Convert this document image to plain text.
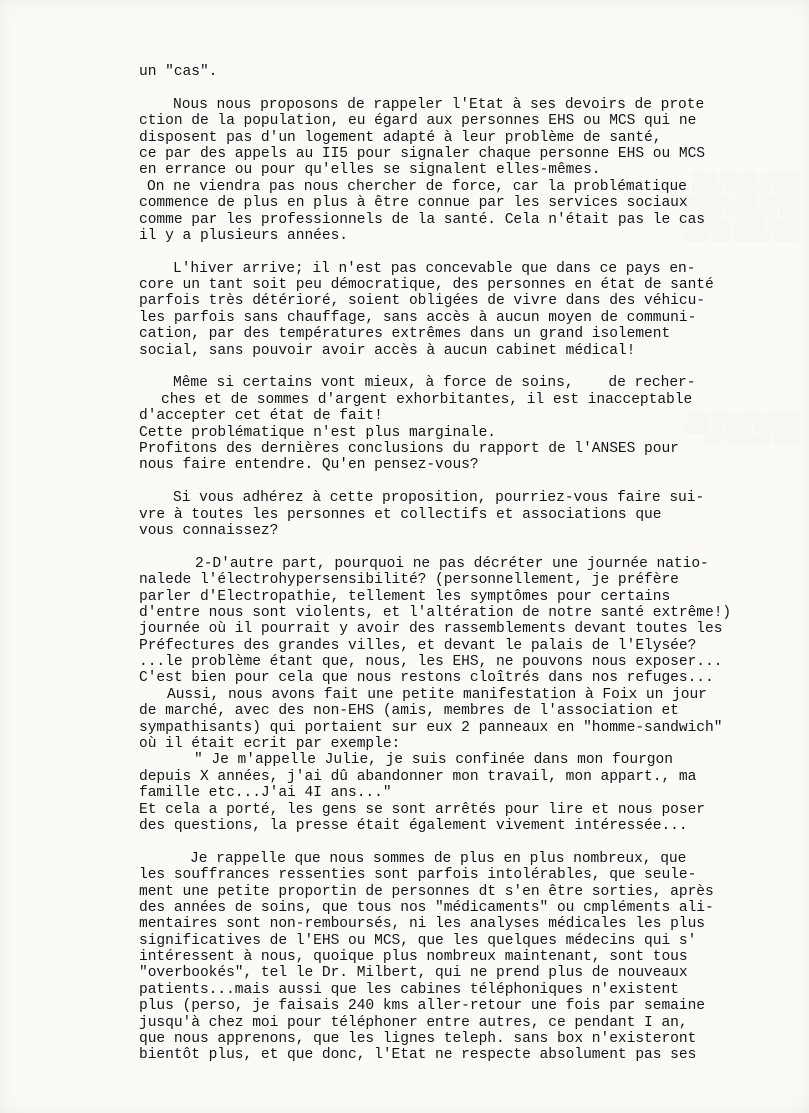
░░░░░░ ░░░░░░ ░░░░
░░░░ ░░░░░░░ ░░░░░ ░░░
░░░░░░ ░░░░ ░░░ ░░░░░░
░░░ ░░░░░░░░ ░░░░ ░░
░░░░░ ░░░░░ ░░░░░░░░
░░░░ ░░░░░░ ░░░ ░░░░

░░░░░ ░░░░░ ░░░ ░░░
░░░░░░░ ░░░░ ░░ ░░░░
░░░░ ░░░░░░░ ░░░
un "cas".
Nous nous proposons de rappeler l'Etat à ses devoirs de prote
ction de la population, eu égard aux personnes EHS ou MCS qui ne
disposent pas d'un logement adapté à leur problème de santé,
ce par des appels au II5 pour signaler chaque personne EHS ou MCS
en errance ou pour qu'elles se signalent elles-mêmes.
On ne viendra pas nous chercher de force, car la problématique
commence de plus en plus à être connue par les services sociaux
comme par les professionnels de la santé. Cela n'était pas le cas
il y a plusieurs années.
L'hiver arrive; il n'est pas concevable que dans ce pays en-
core un tant soit peu démocratique, des personnes en état de santé
parfois très détérioré, soient obligées de vivre dans des véhicu-
les parfois sans chauffage, sans accès à aucun moyen de communi-
cation, par des températures extrêmes dans un grand isolement
social, sans pouvoir avoir accès à aucun cabinet médical!
Même si certains vont mieux, à force de soins,    de recher-
ches et de sommes d'argent exhorbitantes, il est inacceptable
d'accepter cet état de fait!
Cette problématique n'est plus marginale.
Profitons des dernières conclusions du rapport de l'ANSES pour
nous faire entendre. Qu'en pensez-vous?
Si vous adhérez à cette proposition, pourriez-vous faire sui-
vre à toutes les personnes et collectifs et associations que
vous connaissez?
2-D'autre part, pourquoi ne pas décréter une journée natio-
nalede l'électrohypersensibilité? (personnellement, je préfère
parler d'Electropathie, tellement les symptômes pour certains
d'entre nous sont violents, et l'altération de notre santé extrême!)
journée où il pourrait y avoir des rassemblements devant toutes les
Préfectures des grandes villes, et devant le palais de l'Elysée?
...le problème étant que, nous, les EHS, ne pouvons nous exposer...
C'est bien pour cela que nous restons cloîtrés dans nos refuges...
Aussi, nous avons fait une petite manifestation à Foix un jour
de marché, avec des non-EHS (amis, membres de l'association et
sympathisants) qui portaient sur eux 2 panneaux en "homme-sandwich"
où il était ecrit par exemple:
" Je m'appelle Julie, je suis confinée dans mon fourgon
depuis X années, j'ai dû abandonner mon travail, mon appart., ma
famille etc...J'ai 4I ans..."
Et cela a porté, les gens se sont arrêtés pour lire et nous poser
des questions, la presse était également vivement intéressée...
Je rappelle que nous sommes de plus en plus nombreux, que
les souffrances ressenties sont parfois intolérables, que seule-
ment une petite proportin de personnes dt s'en être sorties, après
des années de soins, que tous nos "médicaments" ou cmpléments ali-
mentaires sont non-remboursés, ni les analyses médicales les plus
significatives de l'EHS ou MCS, que les quelques médecins qui s'
intéressent à nous, quoique plus nombreux maintenant, sont tous
"overbookés", tel le Dr. Milbert, qui ne prend plus de nouveaux
patients...mais aussi que les cabines téléphoniques n'existent
plus (perso, je faisais 240 kms aller-retour une fois par semaine
jusqu'à chez moi pour téléphoner entre autres, ce pendant I an,
que nous apprenons, que les lignes teleph. sans box n'existeront
bientôt plus, et que donc, l'Etat ne respecte absolument pas ses
